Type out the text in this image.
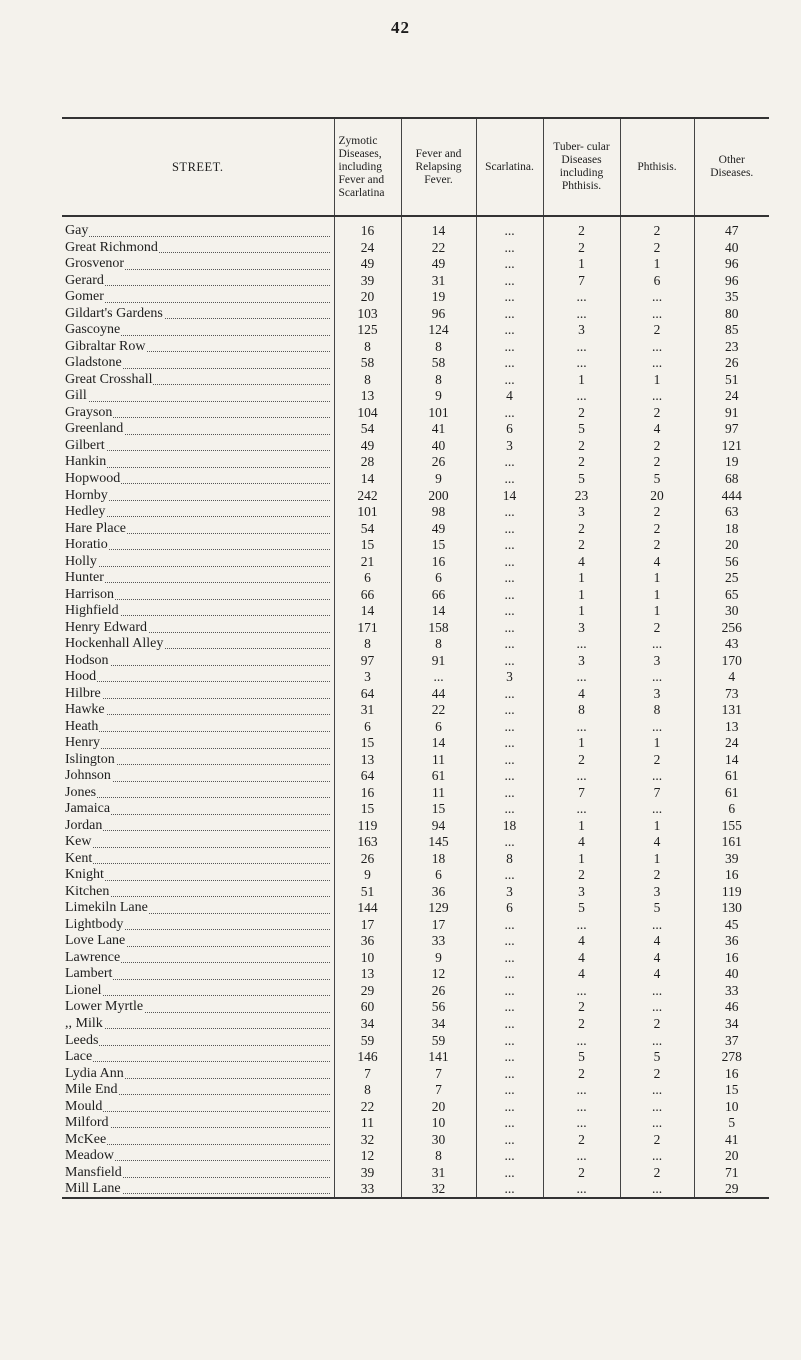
42
STREET.	Zymotic Diseases, including Fever and Scarlatina	Fever and Relapsing Fever.	Scarlatina.	Tuber- cular Diseases including Phthisis.	Phthisis.	Other Diseases.

Gay	16	14	...	2	2	47

Great Richmond	24	22	...	2	2	40

Grosvenor	49	49	...	1	1	96

Gerard	39	31	...	7	6	96

Gomer	20	19	...	...	...	35

Gildart's Gardens	103	96	...	...	...	80

Gascoyne	125	124	...	3	2	85

Gibraltar Row	8	8	...	...	...	23

Gladstone	58	58	...	...	...	26

Great Crosshall	8	8	...	1	1	51

Gill	13	9	4	...	...	24

Grayson	104	101	...	2	2	91

Greenland	54	41	6	5	4	97

Gilbert	49	40	3	2	2	121

Hankin	28	26	...	2	2	19

Hopwood	14	9	...	5	5	68

Hornby	242	200	14	23	20	444

Hedley	101	98	...	3	2	63

Hare Place	54	49	...	2	2	18

Horatio	15	15	...	2	2	20

Holly	21	16	...	4	4	56

Hunter	6	6	...	1	1	25

Harrison	66	66	...	1	1	65

Highfield	14	14	...	1	1	30

Henry Edward	171	158	...	3	2	256

Hockenhall Alley	8	8	...	...	...	43

Hodson	97	91	...	3	3	170

Hood	3	...	3	...	...	4

Hilbre	64	44	...	4	3	73

Hawke	31	22	...	8	8	131

Heath	6	6	...	...	...	13

Henry	15	14	...	1	1	24

Islington	13	11	...	2	2	14

Johnson	64	61	...	...	...	61

Jones	16	11	...	7	7	61

Jamaica	15	15	...	...	...	6

Jordan	119	94	18	1	1	155

Kew	163	145	...	4	4	161

Kent	26	18	8	1	1	39

Knight	9	6	...	2	2	16

Kitchen	51	36	3	3	3	119

Limekiln Lane	144	129	6	5	5	130

Lightbody	17	17	...	...	...	45

Love Lane	36	33	...	4	4	36

Lawrence	10	9	...	4	4	16

Lambert	13	12	...	4	4	40

Lionel	29	26	...	...	...	33

Lower Myrtle	60	56	...	2	...	46

,, Milk	34	34	...	2	2	34

Leeds	59	59	...	...	...	37

Lace	146	141	...	5	5	278

Lydia Ann	7	7	...	2	2	16

Mile End	8	7	...	...	...	15

Mould	22	20	...	...	...	10

Milford	11	10	...	...	...	5

McKee	32	30	...	2	2	41

Meadow	12	8	...	...	...	20

Mansfield	39	31	...	2	2	71

Mill Lane	33	32	...	...	...	29
